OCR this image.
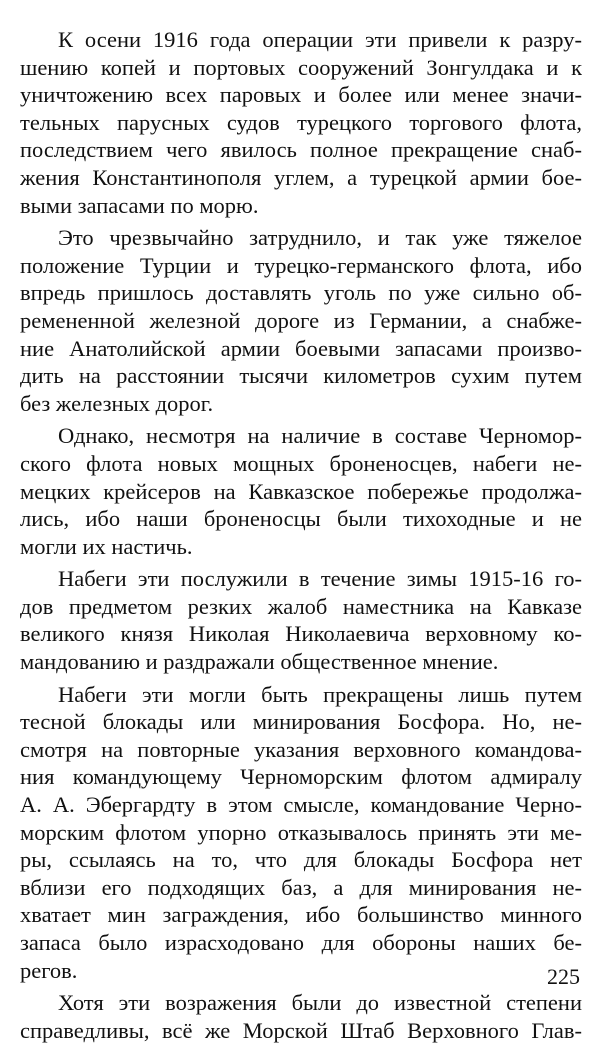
К осени 1916 года операции эти привели к разру-
шению копей и портовых сооружений Зонгулдака и к
уничтожению всех паровых и более или менее значи-
тельных парусных судов турецкого торгового флота,
последствием чего явилось полное прекращение снаб-
жения Константинополя углем, а турецкой армии бое-
выми запасами по морю.
Это чрезвычайно затруднило, и так уже тяжелое
положение Турции и турецко-германского флота, ибо
впредь пришлось доставлять уголь по уже сильно об-
ремененной железной дороге из Германии, а снабже-
ние Анатолийской армии боевыми запасами произво-
дить на расстоянии тысячи километров сухим путем
без железных дорог.
Однако, несмотря на наличие в составе Черномор-
ского флота новых мощных броненосцев, набеги не-
мецких крейсеров на Кавказское побережье продолжа-
лись, ибо наши броненосцы были тихоходные и не
могли их настичь.
Набеги эти послужили в течение зимы 1915-16 го-
дов предметом резких жалоб наместника на Кавказе
великого князя Николая Николаевича верховному ко-
мандованию и раздражали общественное мнение.
Набеги эти могли быть прекращены лишь путем
тесной блокады или минирования Босфора. Но, не-
смотря на повторные указания верховного командова-
ния командующему Черноморским флотом адмиралу
А. А. Эбергардту в этом смысле, командование Черно-
морским флотом упорно отказывалось принять эти ме-
ры, ссылаясь на то, что для блокады Босфора нет
вблизи его подходящих баз, а для минирования не-
хватает мин заграждения, ибо большинство минного
запаса было израсходовано для обороны наших бе-
регов.
Хотя эти возражения были до известной степени
справедливы, всё же Морской Штаб Верховного Глав-
225
